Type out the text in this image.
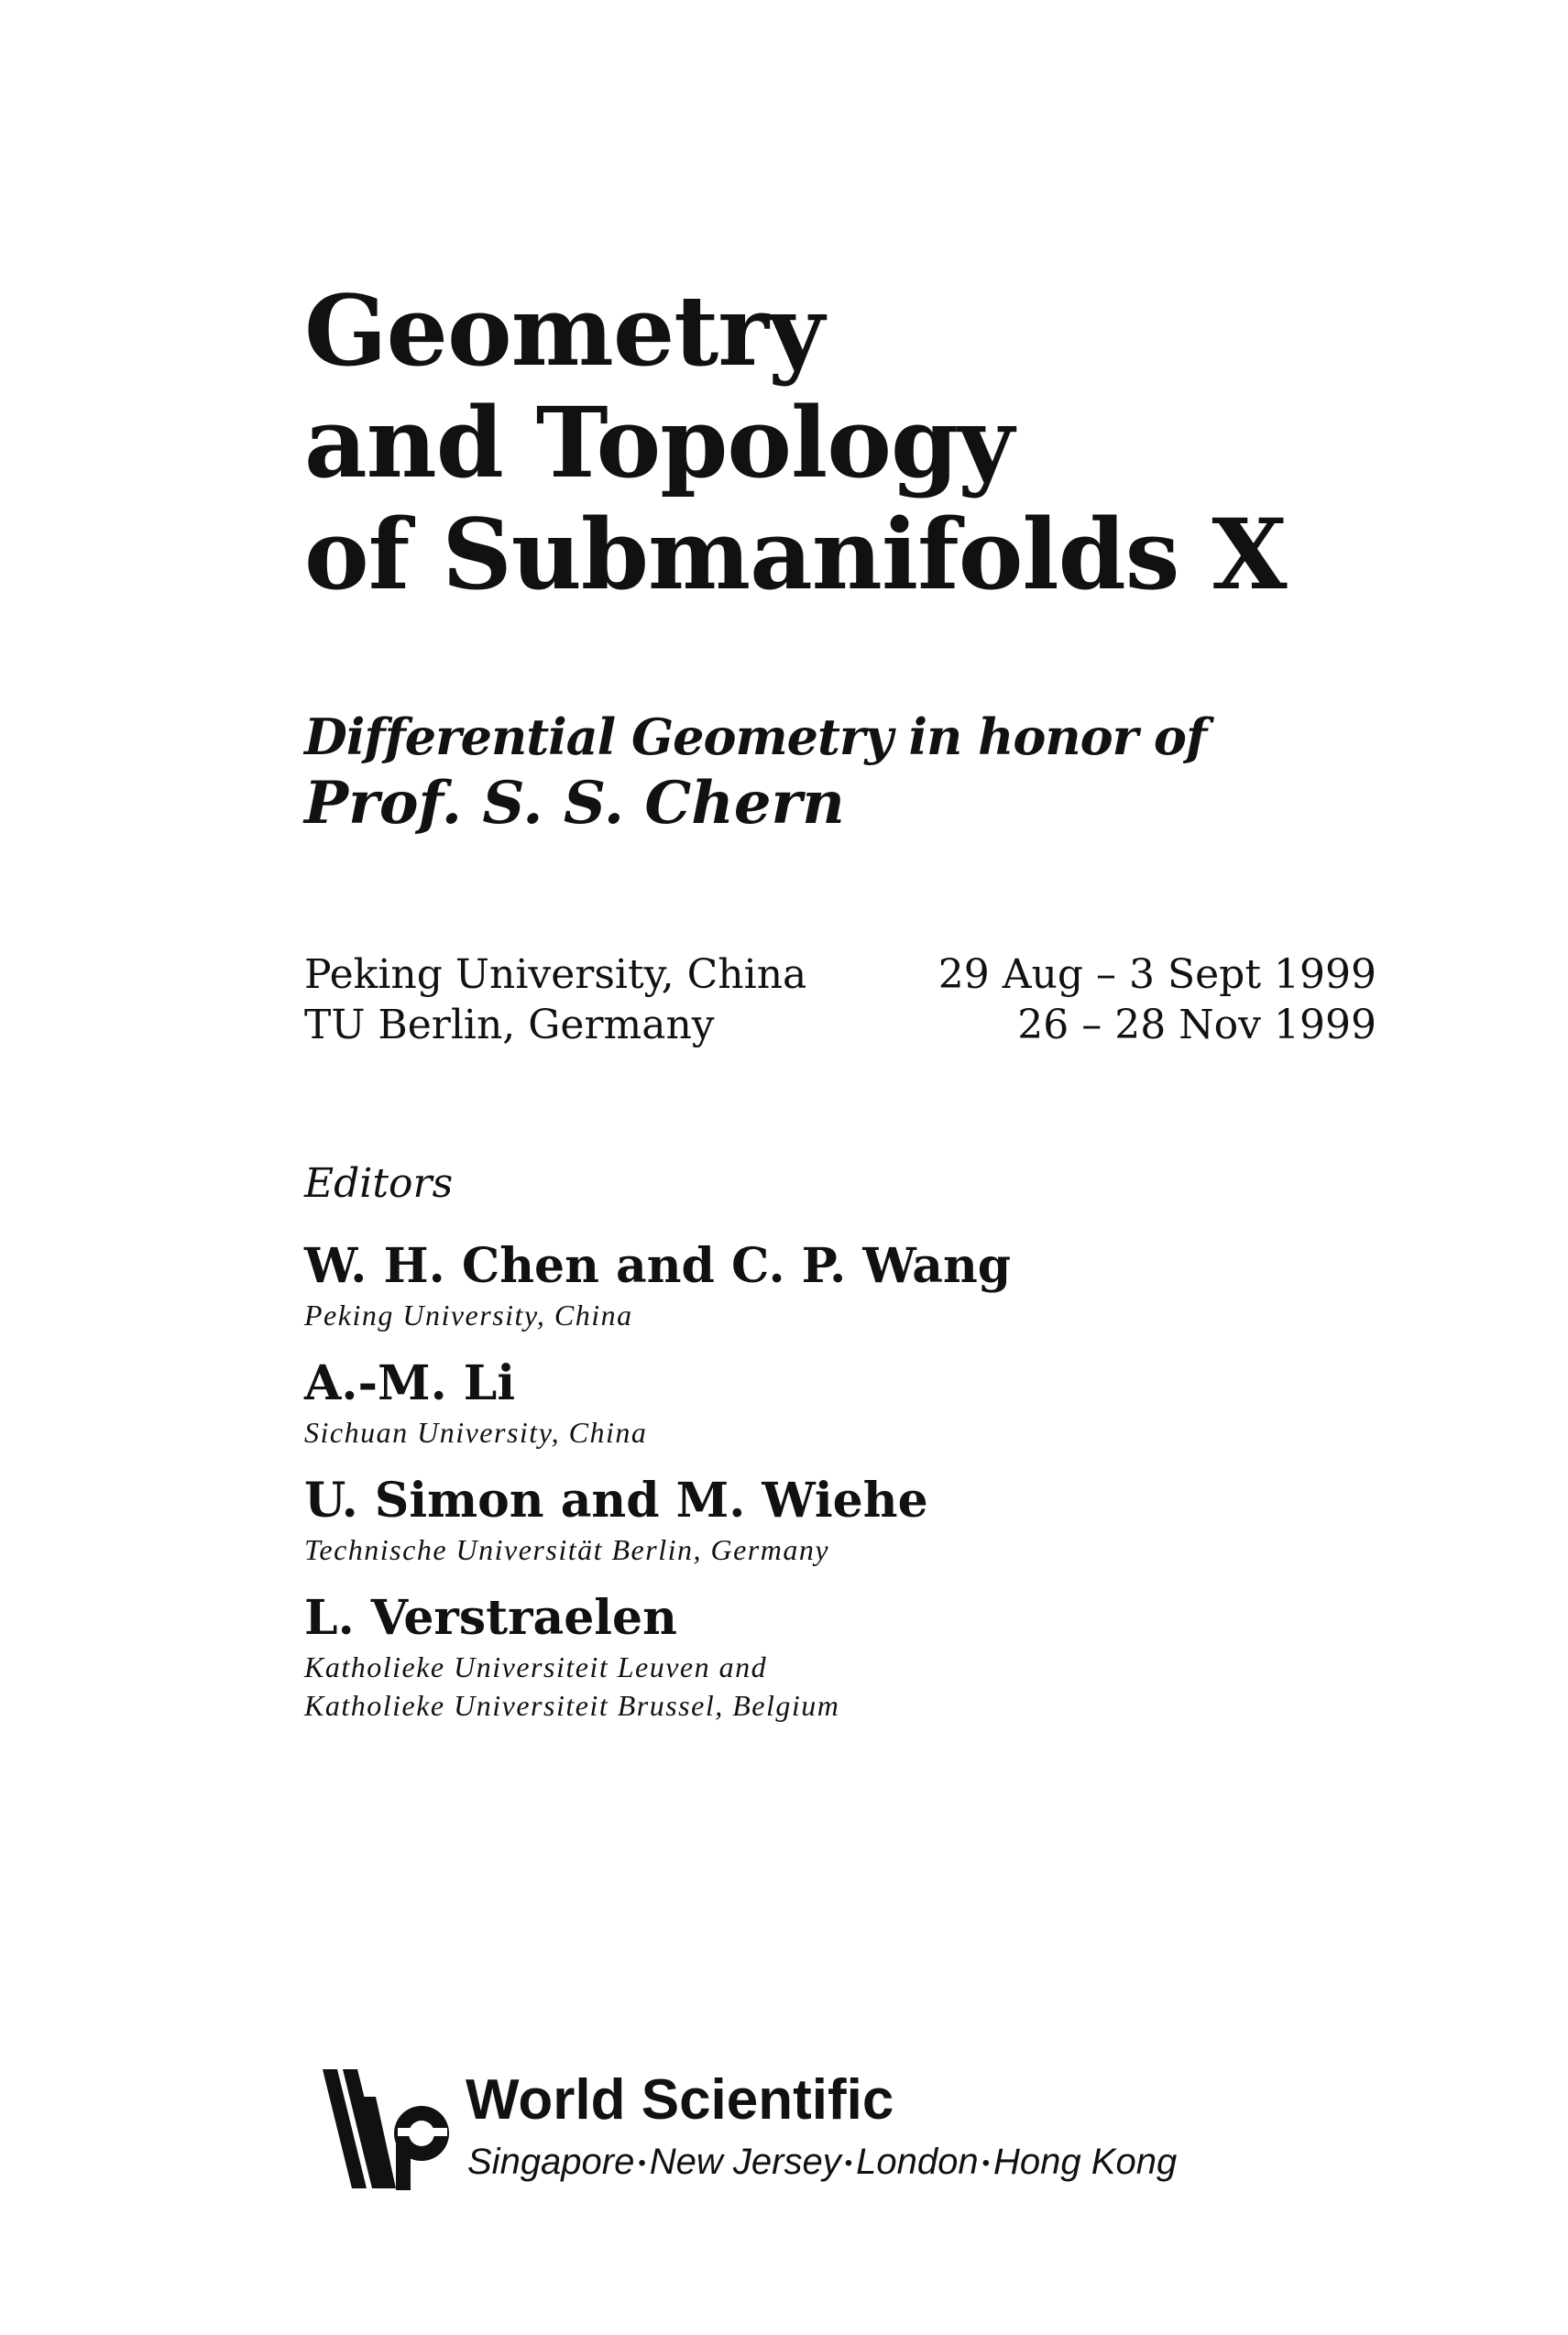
Geometry
and Topology
of Submanifolds X
Differential Geometry in honor of
Prof. S. S. Chern
Peking University, China	29 Aug – 3 Sept 1999
TU Berlin, Germany	26 – 28 Nov 1999
Editors
W. H. Chen and C. P. Wang
Peking University, China
A.-M. Li
Sichuan University, China
U. Simon and M. Wiehe
Technische Universität Berlin, Germany
L. Verstraelen
Katholieke Universiteit Leuven and
Katholieke Universiteit Brussel, Belgium
World Scientific
Singapore • New Jersey • London • Hong Kong
